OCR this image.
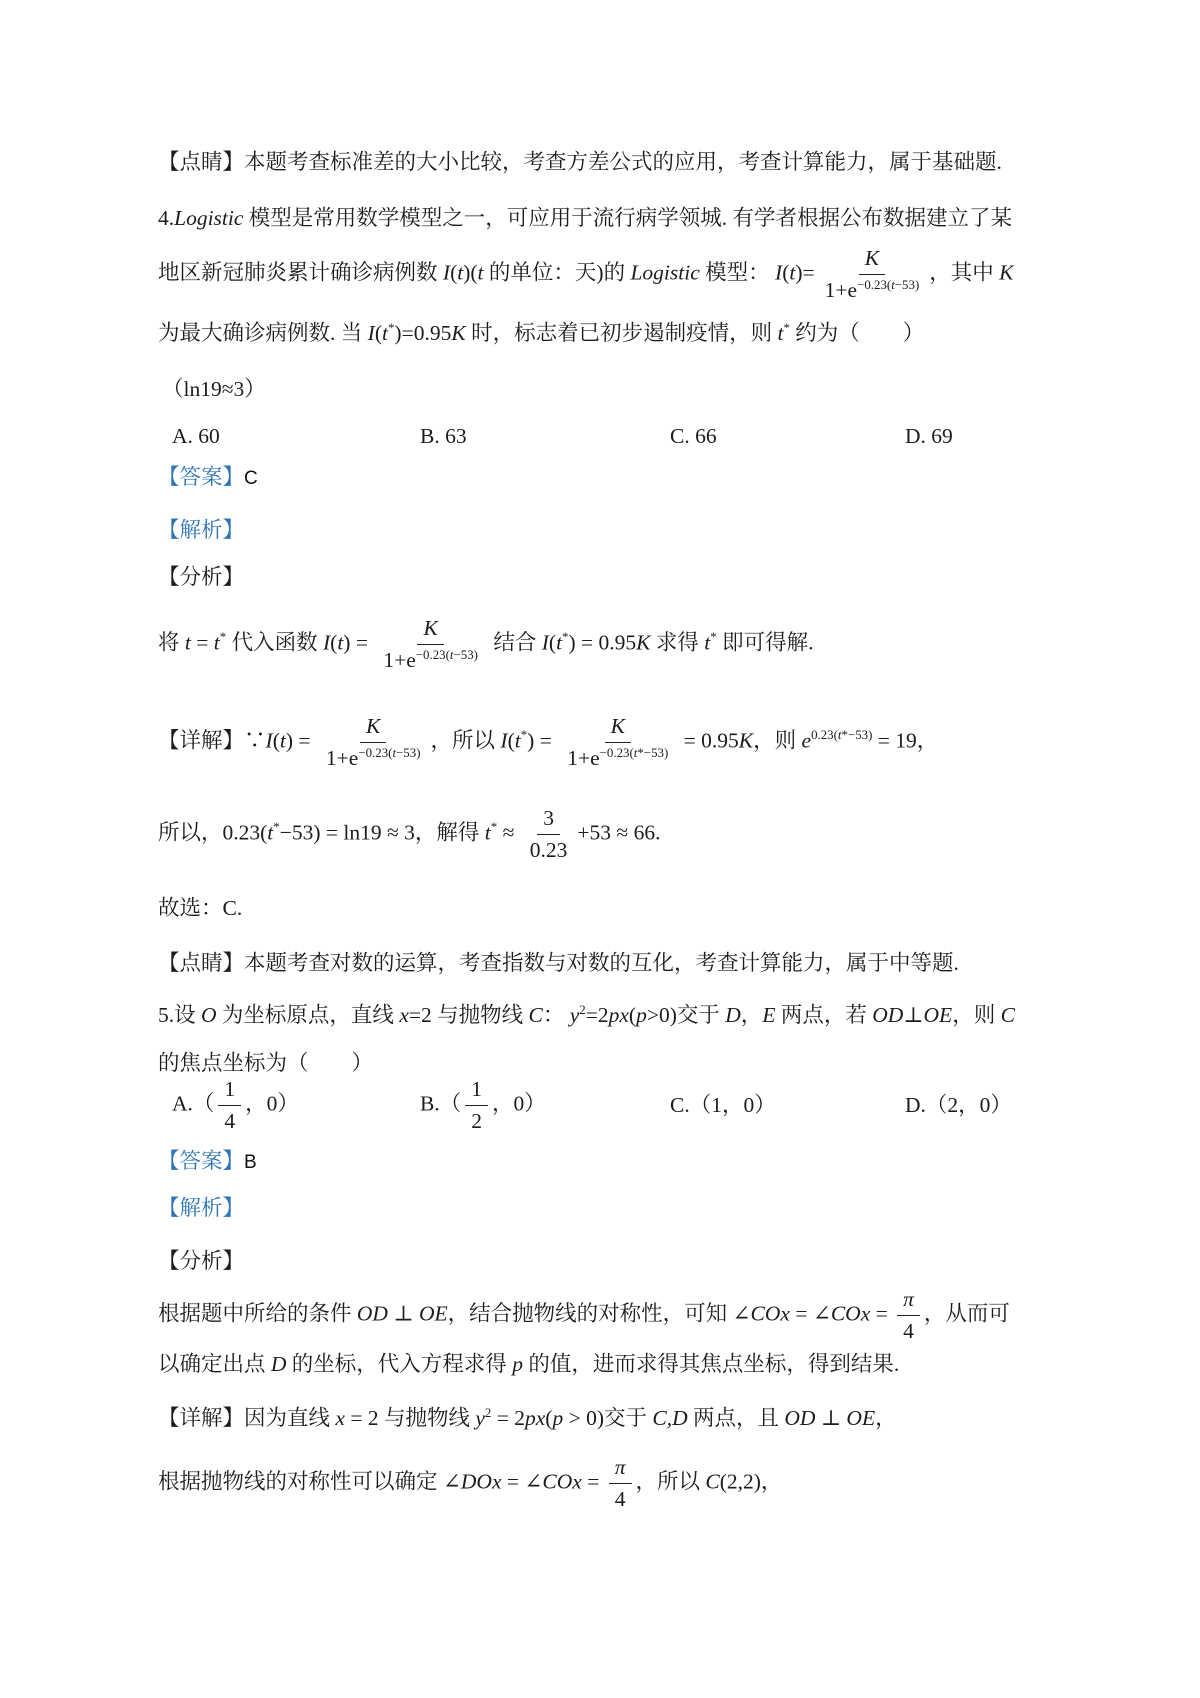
【点睛】本题考查标准差的大小比较，考查方差公式的应用，考查计算能力，属于基础题.
4.Logistic 模型是常用数学模型之一，可应用于流行病学领城. 有学者根据公布数据建立了某
地区新冠肺炎累计确诊病例数 I(t)(t 的单位：天)的 Logistic 模型： $I(t)= \frac{K}{1+e^{-0.23(t-53)}}$ ，其中 K
为最大确诊病例数. 当 I(t*)=0.95K 时，标志着已初步遏制疫情，则 t* 约为（　　）
（ln19≈3）
A. 60	B. 63	C. 66	D. 69
【答案】C
【解析】
【分析】
将 t = t* 代入函数 $I(t) = \frac{K}{1+e^{-0.23(t-53)}}$ 结合 I(t*) = 0.95K 求得 t* 即可得解.
【详解】∵I(t) = $\frac{K}{1+e^{-0.23(t-53)}}$ ，所以 $I(t^*) = \frac{K}{1+e^{-0.23(t*-53)}} = 0.95K$，则 $e^{0.23(t*-53)} = 19$，
所以，0.23(t*−53) = ln19 ≈ 3，解得 $t^* \approx \frac{3}{0.23} +53 \approx 66$.
故选：C.
【点睛】本题考查对数的运算，考查指数与对数的互化，考查计算能力，属于中等题.
5.设 O 为坐标原点，直线 x=2 与抛物线 C： $y^2=2px(p>0)$交于 D，E 两点，若 OD⊥OE，则 C
的焦点坐标为（　　）
$A.( \frac{1}{4}$ ，0）	$B.( \frac{1}{2}$ ，0）	C.（1，0）	D.（2，0）
【答案】B
【解析】
【分析】
根据题中所给的条件 OD ⊥ OE，结合抛物线的对称性，可知 ∠COx = ∠COx = $\frac{\pi}{4}$ ，从而可
以确定出点 D 的坐标，代入方程求得 p 的值，进而求得其焦点坐标，得到结果.
【详解】因为直线 x = 2 与抛物线 $y^2 = 2px(p > 0)$交于 C,D 两点，且 OD ⊥ OE，
根据抛物线的对称性可以确定 ∠DOx = ∠COx = $\frac{\pi}{4}$ ，所以 C(2,2)，
